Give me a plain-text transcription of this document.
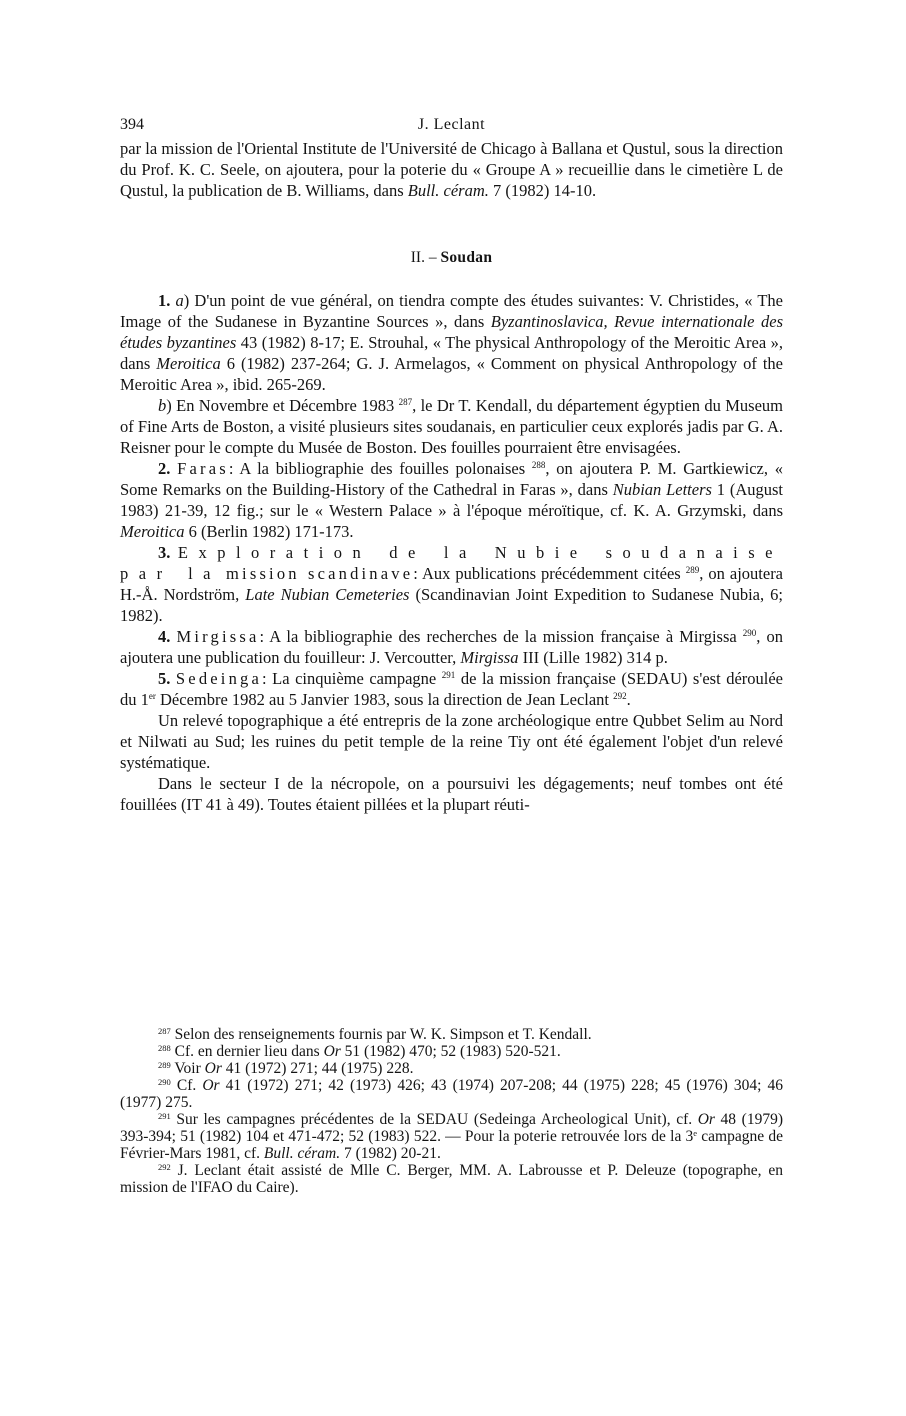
394	J. Leclant

par la mission de l'Oriental Institute de l'Université de Chicago à Ballana et Qustul, sous la direction du Prof. K. C. Seele, on ajoutera, pour la poterie du « Groupe A » recueillie dans le cimetière L de Qustul, la publication de B. Williams, dans Bull. céram. 7 (1982) 14-10.

II. – Soudan

1. a) D'un point de vue général, on tiendra compte des études suivantes: V. Christides, « The Image of the Sudanese in Byzantine Sources », dans Byzantinoslavica, Revue internationale des études byzantines 43 (1982) 8-17; E. Strouhal, « The physical Anthropology of the Meroitic Area », dans Meroitica 6 (1982) 237-264; G. J. Armelagos, « Comment on physical Anthropology of the Meroitic Area », ibid. 265-269.

b) En Novembre et Décembre 1983 $^{287}$, le Dr T. Kendall, du département égyptien du Museum of Fine Arts de Boston, a visité plusieurs sites soudanais, en particulier ceux explorés jadis par G. A. Reisner pour le compte du Musée de Boston. Des fouilles pourraient être envisagées.

2. Faras: A la bibliographie des fouilles polonaises $^{288}$, on ajoutera P. M. Gartkiewicz, « Some Remarks on the Building-History of the Cathedral in Faras », dans Nubian Letters 1 (August 1983) 21-39, 12 fig.; sur le « Western Palace » à l'époque méroïtique, cf. K. A. Grzymski, dans Meroitica 6 (Berlin 1982) 171-173.

3. Exploration de la Nubie soudanaise par la mission scandinave: Aux publications précédemment citées $^{289}$, on ajoutera H.-Å. Nordström, Late Nubian Cemeteries (Scandinavian Joint Expedition to Sudanese Nubia, 6; 1982).

4. Mirgissa: A la bibliographie des recherches de la mission française à Mirgissa $^{290}$, on ajoutera une publication du fouilleur: J. Vercoutter, Mirgissa III (Lille 1982) 314 p.

5. Sedeinga: La cinquième campagne $^{291}$ de la mission française (SEDAU) s'est déroulée du 1er Décembre 1982 au 5 Janvier 1983, sous la direction de Jean Leclant $^{292}$.

Un relevé topographique a été entrepris de la zone archéologique entre Qubbet Selim au Nord et Nilwati au Sud; les ruines du petit temple de la reine Tiy ont été également l'objet d'un relevé systématique.

Dans le secteur I de la nécropole, on a poursuivi les dégagements; neuf tombes ont été fouillées (IT 41 à 49). Toutes étaient pillées et la plupart réuti-

$^{287}$ Selon des renseignements fournis par W. K. Simpson et T. Kendall.

$^{288}$ Cf. en dernier lieu dans Or 51 (1982) 470; 52 (1983) 520-521.

$^{289}$ Voir Or 41 (1972) 271; 44 (1975) 228.

$^{290}$ Cf. Or 41 (1972) 271; 42 (1973) 426; 43 (1974) 207-208; 44 (1975) 228; 45 (1976) 304; 46 (1977) 275.

$^{291}$ Sur les campagnes précédentes de la SEDAU (Sedeinga Archeological Unit), cf. Or 48 (1979) 393-394; 51 (1982) 104 et 471-472; 52 (1983) 522. — Pour la poterie retrouvée lors de la 3e campagne de Février-Mars 1981, cf. Bull. céram. 7 (1982) 20-21.

$^{292}$ J. Leclant était assisté de Mlle C. Berger, MM. A. Labrousse et P. Deleuze (topographe, en mission de l'IFAO du Caire).
